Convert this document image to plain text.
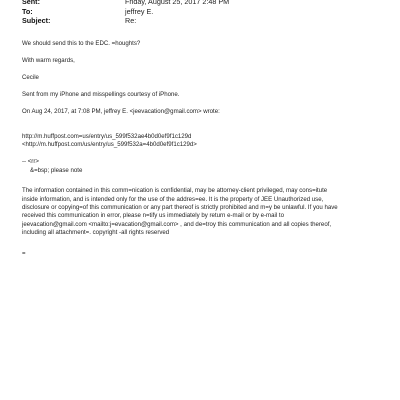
Sent:	Friday, August 25, 2017 2:48 PM
To:	jeffrey E.
Subject:	Re:

We should send this to the EDC. =houghts?

With warm regards,

Cecile

Sent from my iPhone and misspellings courtesy of iPhone.

On Aug 24, 2017, at 7:08 PM, jeffrey E. <jeevacation@gmail.com> wrote:

http://m.huffpost.com=us/entry/us_599f532ae4b0d0ef9f1c129d

<http://m.huffpost.com/us/entry/us_599f532a=4b0d0ef9f1c129d>

-- <rr>

&=bsp; please note

The information contained in this comm=nication is confidential, may be attorney-client privileged, may cons=itute

inside information, and is intended only for the use of the addres=ee. It is the property of JEE Unauthorized use,

disclosure or copying=of this communication or any part thereof is strictly prohibited and m=y be unlawful. If you have

received this communication in error, please n=tify us immediately by return e-mail or by e-mail to

jeevacation@gmail.com <mailto:j=evacation@gmail.com> , and de=troy this communication and all copies thereof,

including all attachment=. copyright -all rights reserved

=
